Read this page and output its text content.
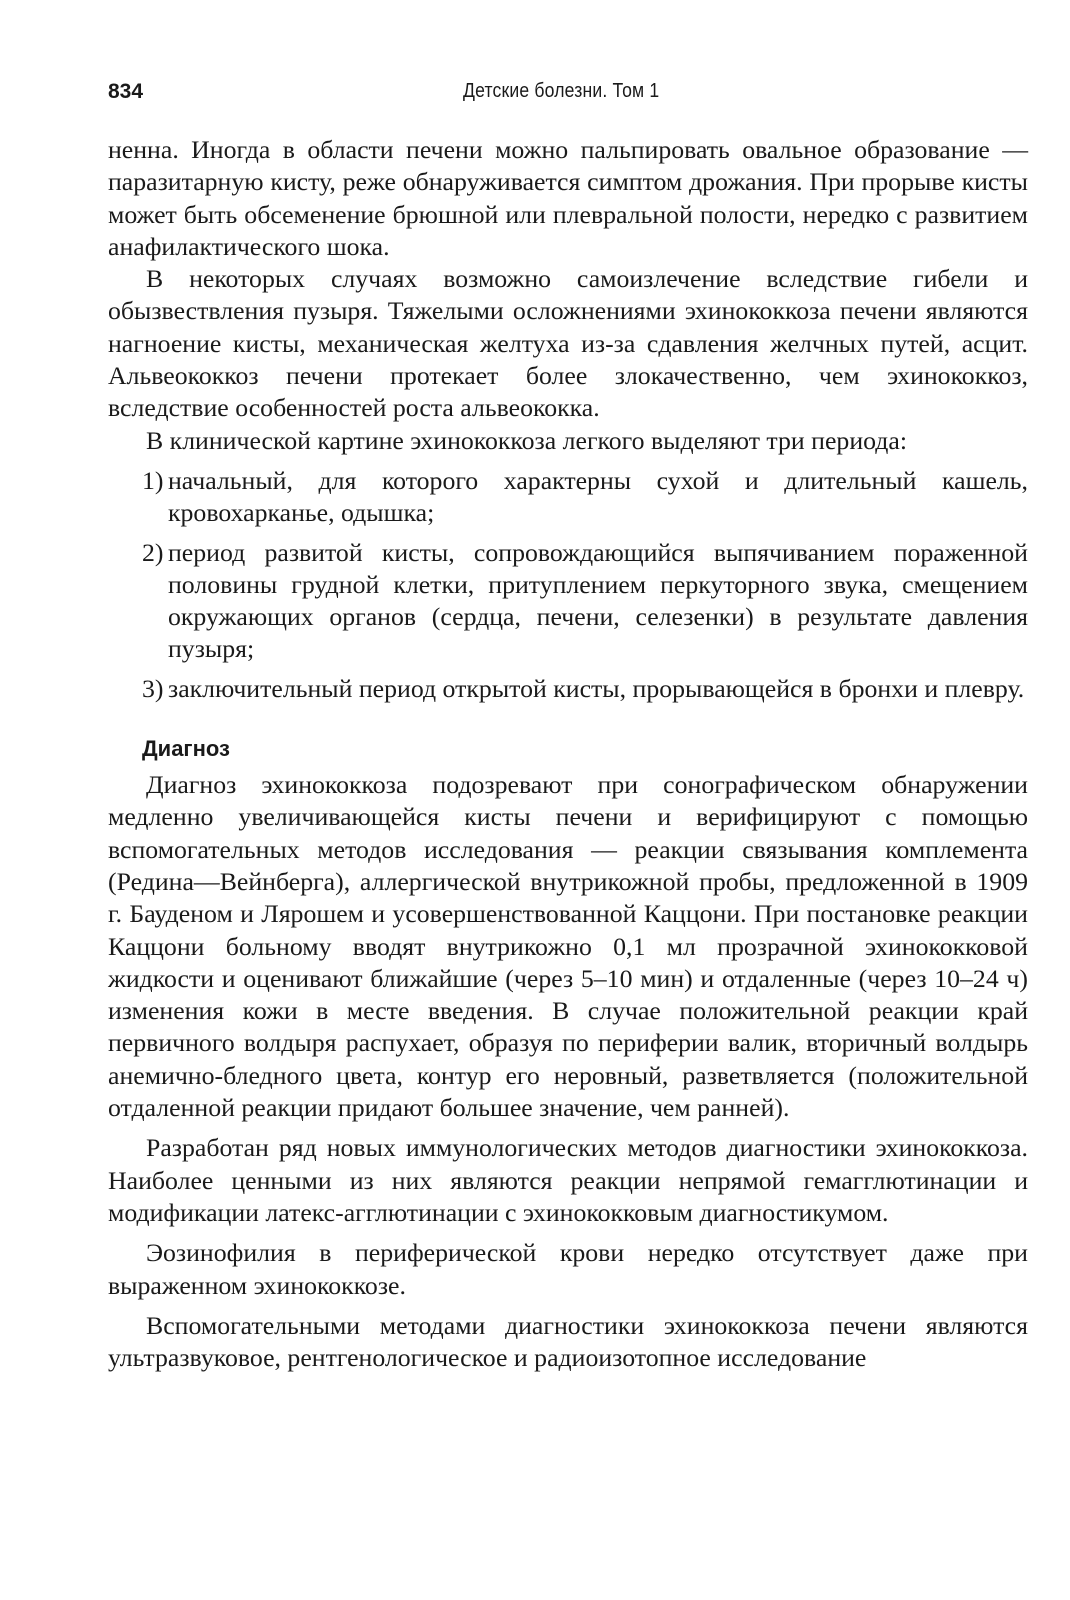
834	Детские болезни. Том 1

ненна. Иногда в области печени можно пальпировать овальное образование — паразитарную кисту, реже обнаруживается симптом дрожания. При прорыве кисты может быть обсеменение брюшной или плевральной полости, нередко с развитием анафилактического шока.

В некоторых случаях возможно самоизлечение вследствие гибели и обызвествления пузыря. Тяжелыми осложнениями эхинококкоза печени являются нагноение кисты, механическая желтуха из-за сдавления желчных путей, асцит. Альвеококкоз печени протекает более злокачественно, чем эхинококкоз, вследствие особенностей роста альвеококка.

В клинической картине эхинококкоза легкого выделяют три периода:

1) начальный, для которого характерны сухой и длительный кашель, кровохарканье, одышка;
2) период развитой кисты, сопровождающийся выпячиванием пораженной половины грудной клетки, притуплением перкуторного звука, смещением окружающих органов (сердца, печени, селезенки) в результате давления пузыря;
3) заключительный период открытой кисты, прорывающейся в бронхи и плевру.
Диагноз

Диагноз эхинококкоза подозревают при сонографическом обнаружении медленно увеличивающейся кисты печени и верифицируют с помощью вспомогательных методов исследования — реакции связывания комплемента (Редина—Вейнберга), аллергической внутрикожной пробы, предложенной в 1909 г. Бауденом и Лярошем и усовершенствованной Каццони. При постановке реакции Каццони больному вводят внутрикожно 0,1 мл прозрачной эхинококковой жидкости и оценивают ближайшие (через 5–10 мин) и отдаленные (через 10–24 ч) изменения кожи в месте введения. В случае положительной реакции край первичного волдыря распухает, образуя по периферии валик, вторичный волдырь анемично-бледного цвета, контур его неровный, разветвляется (положительной отдаленной реакции придают большее значение, чем ранней).

Разработан ряд новых иммунологических методов диагностики эхинококкоза. Наиболее ценными из них являются реакции непрямой гемагглютинации и модификации латекс-агглютинации с эхинококковым диагностикумом.

Эозинофилия в периферической крови нередко отсутствует даже при выраженном эхинококкозе.

Вспомогательными методами диагностики эхинококкоза печени являются ультразвуковое, рентгенологическое и радиоизотопное исследование
